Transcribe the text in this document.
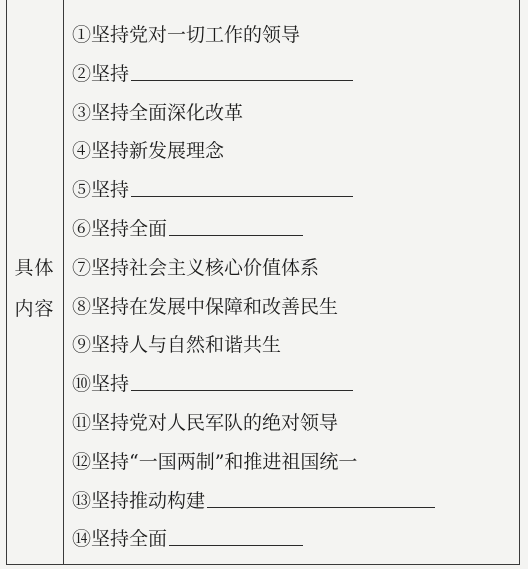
具体
内容
①坚持党对一切工作的领导
②坚持
③坚持全面深化改革
④坚持新发展理念
⑤坚持
⑥坚持全面
⑦坚持社会主义核心价值体系
⑧坚持在发展中保障和改善民生
⑨坚持人与自然和谐共生
⑩坚持
⑪坚持党对人民军队的绝对领导
⑫坚持“一国两制”和推进祖国统一
⑬坚持推动构建
⑭坚持全面
